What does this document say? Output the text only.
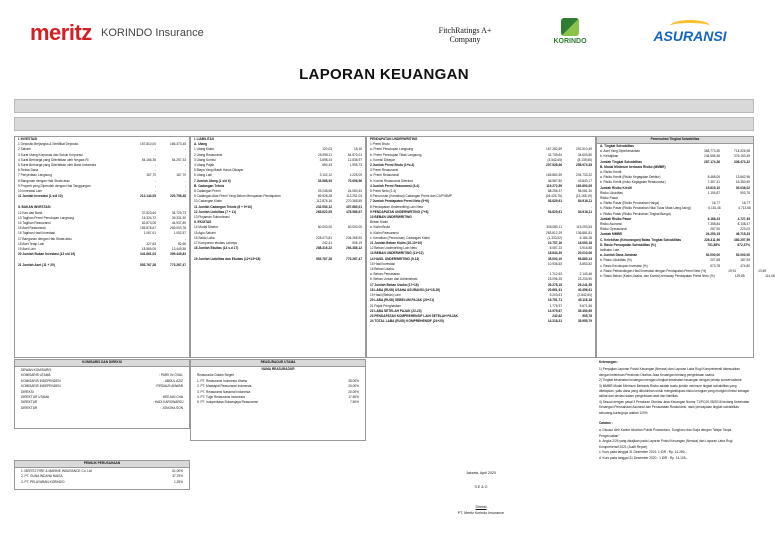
meritz KORINDO Insurance	FitchRatings A+ Company	KORINDO	ASURANSI
LAPORAN KEUANGAN
I. INVESTASI
1 Deposito Berjangka & Sertifikat Deposito	157.810,00	166.373,45
2 Saham	-	-
3 Surat Utang Korporasi dan Sukuk Korporasi	-	-
4 Surat Berharga yang Diterbitkan oleh Negara RI	54.166,35	54.257,33
5 Surat Berharga yang Diterbitkan oleh Bank Indonesia	-	-
6 Reksa Dana	-	-
7 Penyertaan Langsung	167,70	167,70
8 Bangunan dengan Hak Strata atau	-	-
9 Properti yang Diperoleh dengan Hak Tanggungan	-	-
10 Investasi Lain	-	-
11 Jumlah Investasi (1 s/d 10)	212.144,05	220.798,48
II. BUKAN INVESTASI
12 Kas dan Bank	37.823,64	34.729,73
13 Tagihan Premi Penutupan Langsung	15.324,72	39.331,90
14 Tagihan Reasuransi	62.873,06	44.937,89
15 Aset Reasuransi	155.876,67	269.003,78
16 Tagihan Hasil Investasi	1.067,61	1.052,57
17 Bangunan dengan Hak Strata atau	-	-
18 Aset Tetap Lain	127,63	82,66
19 Aset Lain	18.569,09	13.449,56
20 Jumlah Bukan Investasi (12 s/d 19)	341.661,03	399.449,83
21 Jumlah Aset (11 + 20)	553.767,28	773.287,47
I. LIABILITAS
A. Utang
1 Utang Klaim	120,03	18,16
2 Utang Reasuransi	25.998,11	54.870,01
3 Utang Komisi	3.698,24	12.836,97
4 Utang Pajak	650,43	1.955,73
5 Biaya Yang Masih Harus Dibayar	-	-
6 Utang Lain	3.102,12	1.225,09
7 Jumlah Utang (1 s/d 6)	33.568,93	70.906,96
B. Cadangan Teknis
8 Cadangan Premi	29.248,68	24.060,43
9 Cadangan Atas Premi Yang Belum Merupakan Pendapatan	89.928,28	113.251,03
10 Cadangan Klaim	112.876,16	270.368,55
11 Jumlah Cadangan Teknis (8 + 9+10)	232.053,12	407.680,01
12 Jumlah Liabilitas (7 + 11)	265.622,05	478.586,97
13 Pinjaman Subordinasi	-	-
II. EKUITAS
14 Modal Disetor	60.000,00	60.000,00
15 Agio Saham	-	-
16 Saldo Laba	228.073,81	234.268,93
17 Komponen ekuitas Lainnya	242,41	506,19
18 Jumlah Ekuitas (14 s.d 17)	288.316,22	294.388,12
19 Jumlah Liabilitas dan Ekuitas (12+13+18)	553.767,28	773.287,47
PENDAPATAN UNDERWRITING
1 Premi Bruto
a. Premi Penutupan Langsung	167.282,69	291.510,49
b. Premi Penutupan Tidak Langsung	32.739,64	34.603,80
c. Komisi Dibayar	(3.542,65)	(8.139,55)
2 Jumlah Premi Bruto (1+b-3)	207.528,96	258.974,35
3 Premi Reasuransi
a. Premi Reasuransi	165.860,39	204.733,22
b. Komisi Reasuransi Diterima	46.587,80	43.840,17
4 Jumlah Premi Reasuransi (3-4)	119.272,59	160.893,05
5 Premi Neto (2-4)	88.256,37	98.081,30
6 Penurunan (Kenaikan) Cadangan Premi dan CAPYBMP	(34.426,76)	(13.165,19)
7 Jumlah Pendapatan Premi Neto (5+6)	53.829,61	84.916,11
8 Pendapatan Underwriting Lain Neto	-	-
9 PENDAPATAN UNDERWRITING (7+8)	53.829,61	84.916,11
10 BEBAN UNDERWRITING
Beban Klaim
a. Klaim Bruto	306.080,11	115.293,53
b. Klaim Reasuransi	283.812,29	136.881,81
c. Kenaikan (Penurunan) Cadangan Klaim	(1.333,52)	6.184,28
11 Jumlah Beban Klaim (10-10+10)	10.757,16	16.093,18
12 Beban Underwriting Lain Neto	8.087,23	3.916,88
13 BEBAN UNDERWRITING (11+12)	18.844,39	20.010,06
14 HASIL UNDERWRITING (9-13)	35.000,10	65.880,13
15 Hasil Investasi	10.936,63	8.853,82
16 Beban Usaha
a. Beban Pemasaran	1.712,63	2.143,46
b. Beban Umum dan Administrasi	23.096,25	23.233,50
17 Jumlah Beban Usaha (17+18)	25.278,15	25.241,95
18 LABA (RUGI) USAHA ASURANSI (14+15-20)	20.661,91	40.356,61
19 Hasil (Beban) Lain	5.203,61	(2.842,60)
20 LABA (RUGI) SEBELUM PAJAK (20+21)	15.751,71	45.116,18
21 Pajak Penghasilan	1.775,97	9.671,56
22 LABA SETELAH PAJAK (22-23)	13.975,67	35.450,65
23 PENDAPATAN KOMPREHENSIF LAIN SETELAH PAJAK	242,62	505,78
24 TOTAL LABA (RUGI) KOMPREHENSIF (24+25)	14.218,31	35.955,79
Pemenuhan Tingkat Solvabilitas
A. Tingkat Solvabilitas
a. Aset Yang Diperkenankan	368.773,30	714.026,98
b. Kewajiban	244.656,36	376.153,49
Jumlah Tingkat Solvabilitas	287.174,26	336.473,32
B. Modal Minimum berbasis Risiko (MMBR)
a. Risiko Kredit
a. Risiko Kredit (Risiko Kegagalan Debitur)	8.468,09	13.662,96
b. Risiko Kredit (risiko Kegagalan Reasuradur)	7.357,41	16.350,59
Jumlah Risiko Kredit	15.819,10	30.036,02
Risiko Likuiditas	1.104,87	903,76
Risiko Pasar
a. Risiko Pasar (Risiko Perubahan Harga)	16,77	16,77
b. Risiko Pasar (Risiko Perubahan Nilai Tukar Mata Uang Asing)	6.151,46	4.713,68
c. Risiko Pasar (Risiko Perubahan Tingkat Bunga)	-	-
Jumlah Risiko Pasar	6.168,23	4.727,45
Risiko Asuransi	7.358,84	8.108,47
Risiko Operasional	257,90	223,03
Jumlah MMBR	24.250,15	46.715,33
C. Kelebihan (Kekurangan) Batas Tingkat Solvabilitas	226.311,96	380.257,99
D. Rasio Pencapaian Solvabilitas (%)	751,85%	672,37%
Indikator Lain
a. Jumlah Dana Jaminan	52.000,00	52.000,00
b. Rasio Likuiditas (%)	207,68	187,93
c. Rasio Kecukupan Investasi (%)	573,78	474,80
d. Rasio Perbandingan Hasil Investasi dengan Pendapatan Premi Neto (%)	19,91	13,69
e. Rasio Beban (Klaim,Usaha, dan Komisi) terhadap Pendapatan Premi Neto (%)	129,85	114,08
KOMISARIS DAN DIREKSI
DEWAN KOMISARIS
KOMISARIS UTAMA	: PARK IN CHUL
KOMISARIS INDEPENDEN	: ABDUL AZIZ
KOMISARIS INDEPENDEN	: FIRDAUS ANWAR
DIREKSI
DIREKTUR UTAMA	: HEEJAN CHA
DIREKTUR	: HADI KAROWARDJ
DIREKTUR	: JONGHA SON
REASURADUR UTAMA
NAMA REASURADUR
Reasuradur Dalam Negeri
1. PT. Reasuransi Indonesia Utama	35.00%
2. PT. Maskapai Reasuransi Indonesia	20.00%
3. PT. Reasuransi Nasional Indonesia	20.00%
4. PT. Tugu Reasuransi Indonesia	17.50%
5. PT. Indoperkasa Suksesjaya Reasuransi	7.50%
PEMILIK PERUSAHAAN
1. MERITZ FIRE & MARINE INSURANCE Co, Ltd	61,00%
2. PT. GUNA INDAHA NIAGA	37,75%
3. PT. PELAYARAN KORINDO	1,25%
Jakarta, April 2020
S.E & O
Direksi
PT. Meritz Korindo Insurance
Keterangan :
1) Penyajian Laporan Posisi Keuangan (Neraca) dan Laporan Laba Rugi Komprehensif disesuaikan dengan ketentuan Peraturan Otoritas Jasa Keuangan tentang pengelolaan usaha.
2) Tingkat kesehatan keuangan mengacu tingkat kesehatan keuangan dengan prinsip konservatisme.
3) MMBR Modal Minimum Berbasis Risiko adalah suatu jumlah minimum tingkat solvabilitas yang ditetapkan, yaitu dana yang dibutuhkan untuk mengantisipasi risiko kerugian yang mungkin timbul sebagai akibat dari deviasi dalam pengelolaan aset dan liabilitas.
4) Sesuai dengan pasal 3 Peraturan Otoritas Jasa Keuangan Nomor 71/POJK.05/2016 tentang Kesehatan Keuangan Perusahaan Asuransi dan Perusahaan Reasuransi, rasio pencapaian tingkat solvabilitas sekurang-kurangnya adalah 120%.
Catatan :
a. Disusul oleh Kantor Akuntan Publik Purwantono, Sungkoro dan Surja dengan "Wajar Tanpa Pengecualian"
b. Angka 2/26 yang disajikan pada Laporan Posisi Keuangan (Neraca) dan Laporan Laba Rugi Komprehensif 2021 (Audit Report)
c. Kurs pada tanggal 31 Desember 2021: 1 IDR : Rp. 14.269,-
d. Kurs pada tanggal 31 Desember 2020 : 1 IDR : Rp. 14.105,-
